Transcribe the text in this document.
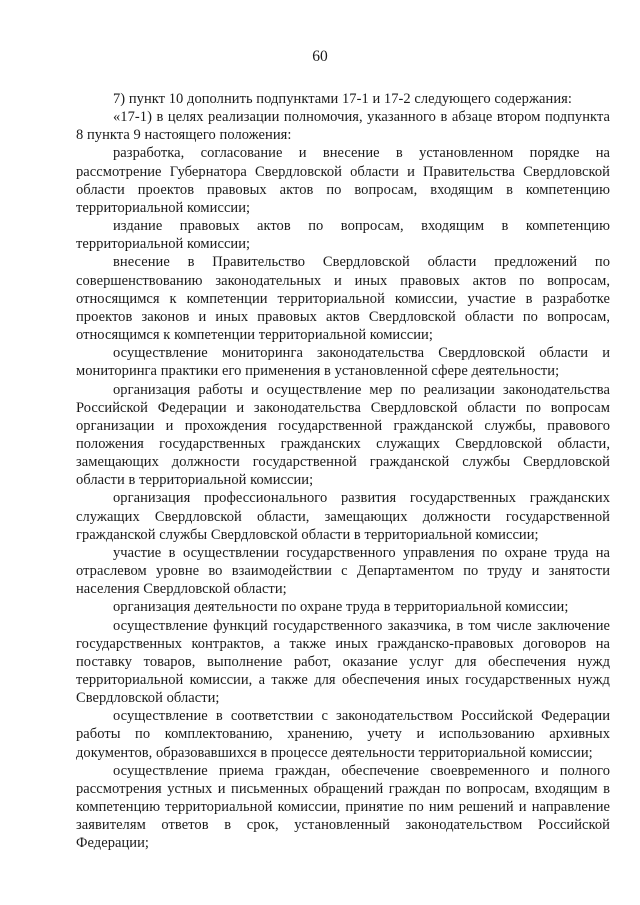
60

7) пункт 10 дополнить подпунктами 17-1 и 17-2 следующего содержания:

«17-1) в целях реализации полномочия, указанного в абзаце втором подпункта 8 пункта 9 настоящего положения:

разработка, согласование и внесение в установленном порядке на рассмотрение Губернатора Свердловской области и Правительства Свердловской области проектов правовых актов по вопросам, входящим в компетенцию территориальной комиссии;

издание правовых актов по вопросам, входящим в компетенцию территориальной комиссии;

внесение в Правительство Свердловской области предложений по совершенствованию законодательных и иных правовых актов по вопросам, относящимся к компетенции территориальной комиссии, участие в разработке проектов законов и иных правовых актов Свердловской области по вопросам, относящимся к компетенции территориальной комиссии;

осуществление мониторинга законодательства Свердловской области и мониторинга практики его применения в установленной сфере деятельности;

организация работы и осуществление мер по реализации законодательства Российской Федерации и законодательства Свердловской области по вопросам организации и прохождения государственной гражданской службы, правового положения государственных гражданских служащих Свердловской области, замещающих должности государственной гражданской службы Свердловской области в территориальной комиссии;

организация профессионального развития государственных гражданских служащих Свердловской области, замещающих должности государственной гражданской службы Свердловской области в территориальной комиссии;

участие в осуществлении государственного управления по охране труда на отраслевом уровне во взаимодействии с Департаментом по труду и занятости населения Свердловской области;

организация деятельности по охране труда в территориальной комиссии;

осуществление функций государственного заказчика, в том числе заключение государственных контрактов, а также иных гражданско-правовых договоров на поставку товаров, выполнение работ, оказание услуг для обеспечения нужд территориальной комиссии, а также для обеспечения иных государственных нужд Свердловской области;

осуществление в соответствии с законодательством Российской Федерации работы по комплектованию, хранению, учету и использованию архивных документов, образовавшихся в процессе деятельности территориальной комиссии;

осуществление приема граждан, обеспечение своевременного и полного рассмотрения устных и письменных обращений граждан по вопросам, входящим в компетенцию территориальной комиссии, принятие по ним решений и направление заявителям ответов в срок, установленный законодательством Российской Федерации;
